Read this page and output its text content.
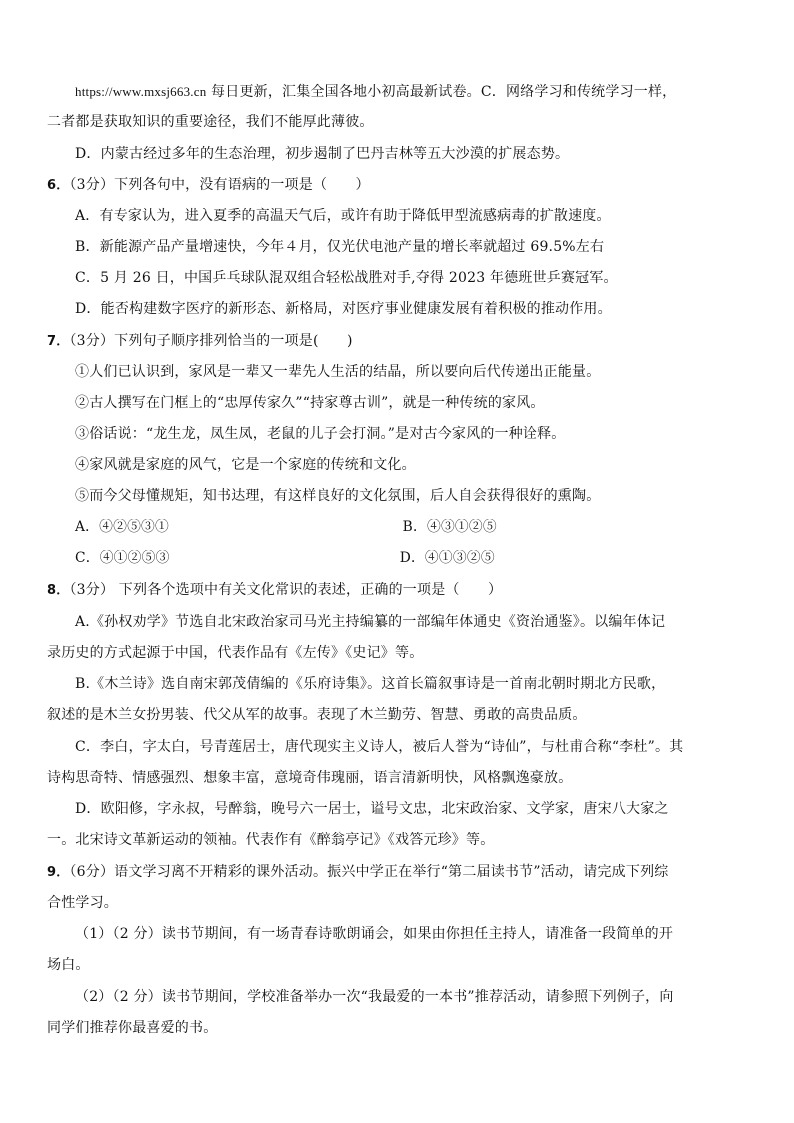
https://www.mxsj663.cn 每日更新，汇集全国各地小初高最新试卷。C．网络学习和传统学习一样，
二者都是获取知识的重要途径，我们不能厚此薄彼。
D．内蒙古经过多年的生态治理，初步遏制了巴丹吉林等五大沙漠的扩展态势。
6．（3分）下列各句中，没有语病的一项是（　　）
A．有专家认为，进入夏季的高温天气后，或许有助于降低甲型流感病毒的扩散速度。
B．新能源产品产量增速快，今年４月，仅光伏电池产量的增长率就超过 69.5%左右
C．5 月 26 日，中国乒乓球队混双组合轻松战胜对手,夺得 2023 年德班世乒赛冠军。
D．能否构建数字医疗的新形态、新格局，对医疗事业健康发展有着积极的推动作用。
7．（3分）下列句子顺序排列恰当的一项是(　　)
①人们已认识到，家风是一辈又一辈先人生活的结晶，所以要向后代传递出正能量。
②古人撰写在门框上的“忠厚传家久”“持家尊古训”，就是一种传统的家风。
③俗话说：“龙生龙，凤生凤，老鼠的儿子会打洞。”是对古今家风的一种诠释。
④家风就是家庭的风气，它是一个家庭的传统和文化。
⑤而今父母懂规矩，知书达理，有这样良好的文化氛围，后人自会获得很好的熏陶。
A．④②⑤③①	B．④③①②⑤
C．④①②⑤③	D．④①③②⑤
8．（3分） 下列各个选项中有关文化常识的表述，正确的一项是（　　）
A.《孙权劝学》节选自北宋政治家司马光主持编纂的一部编年体通史《资治通鉴》。以编年体记
录历史的方式起源于中国，代表作品有《左传》《史记》等。
B.《木兰诗》选自南宋郭茂倩编的《乐府诗集》。这首长篇叙事诗是一首南北朝时期北方民歌，
叙述的是木兰女扮男装、代父从军的故事。表现了木兰勤劳、智慧、勇敢的高贵品质。
C．李白，字太白，号青莲居士，唐代现实主义诗人，被后人誉为“诗仙”，与杜甫合称“李杜”。其
诗构思奇特、情感强烈、想象丰富，意境奇伟瑰丽，语言清新明快，风格飘逸豪放。
D．欧阳修，字永叔，号醉翁，晚号六一居士，谥号文忠，北宋政治家、文学家，唐宋八大家之
一。北宋诗文革新运动的领袖。代表作有《醉翁亭记》《戏答元珍》等。
9．（6分）语文学习离不开精彩的课外活动。振兴中学正在举行“第二届读书节”活动，请完成下列综
合性学习。
（1）（2 分）读书节期间，有一场青春诗歌朗诵会，如果由你担任主持人，请准备一段简单的开
场白。
（2）（2 分）读书节期间，学校准备举办一次“我最爱的一本书”推荐活动，请参照下列例子，向
同学们推荐你最喜爱的书。
